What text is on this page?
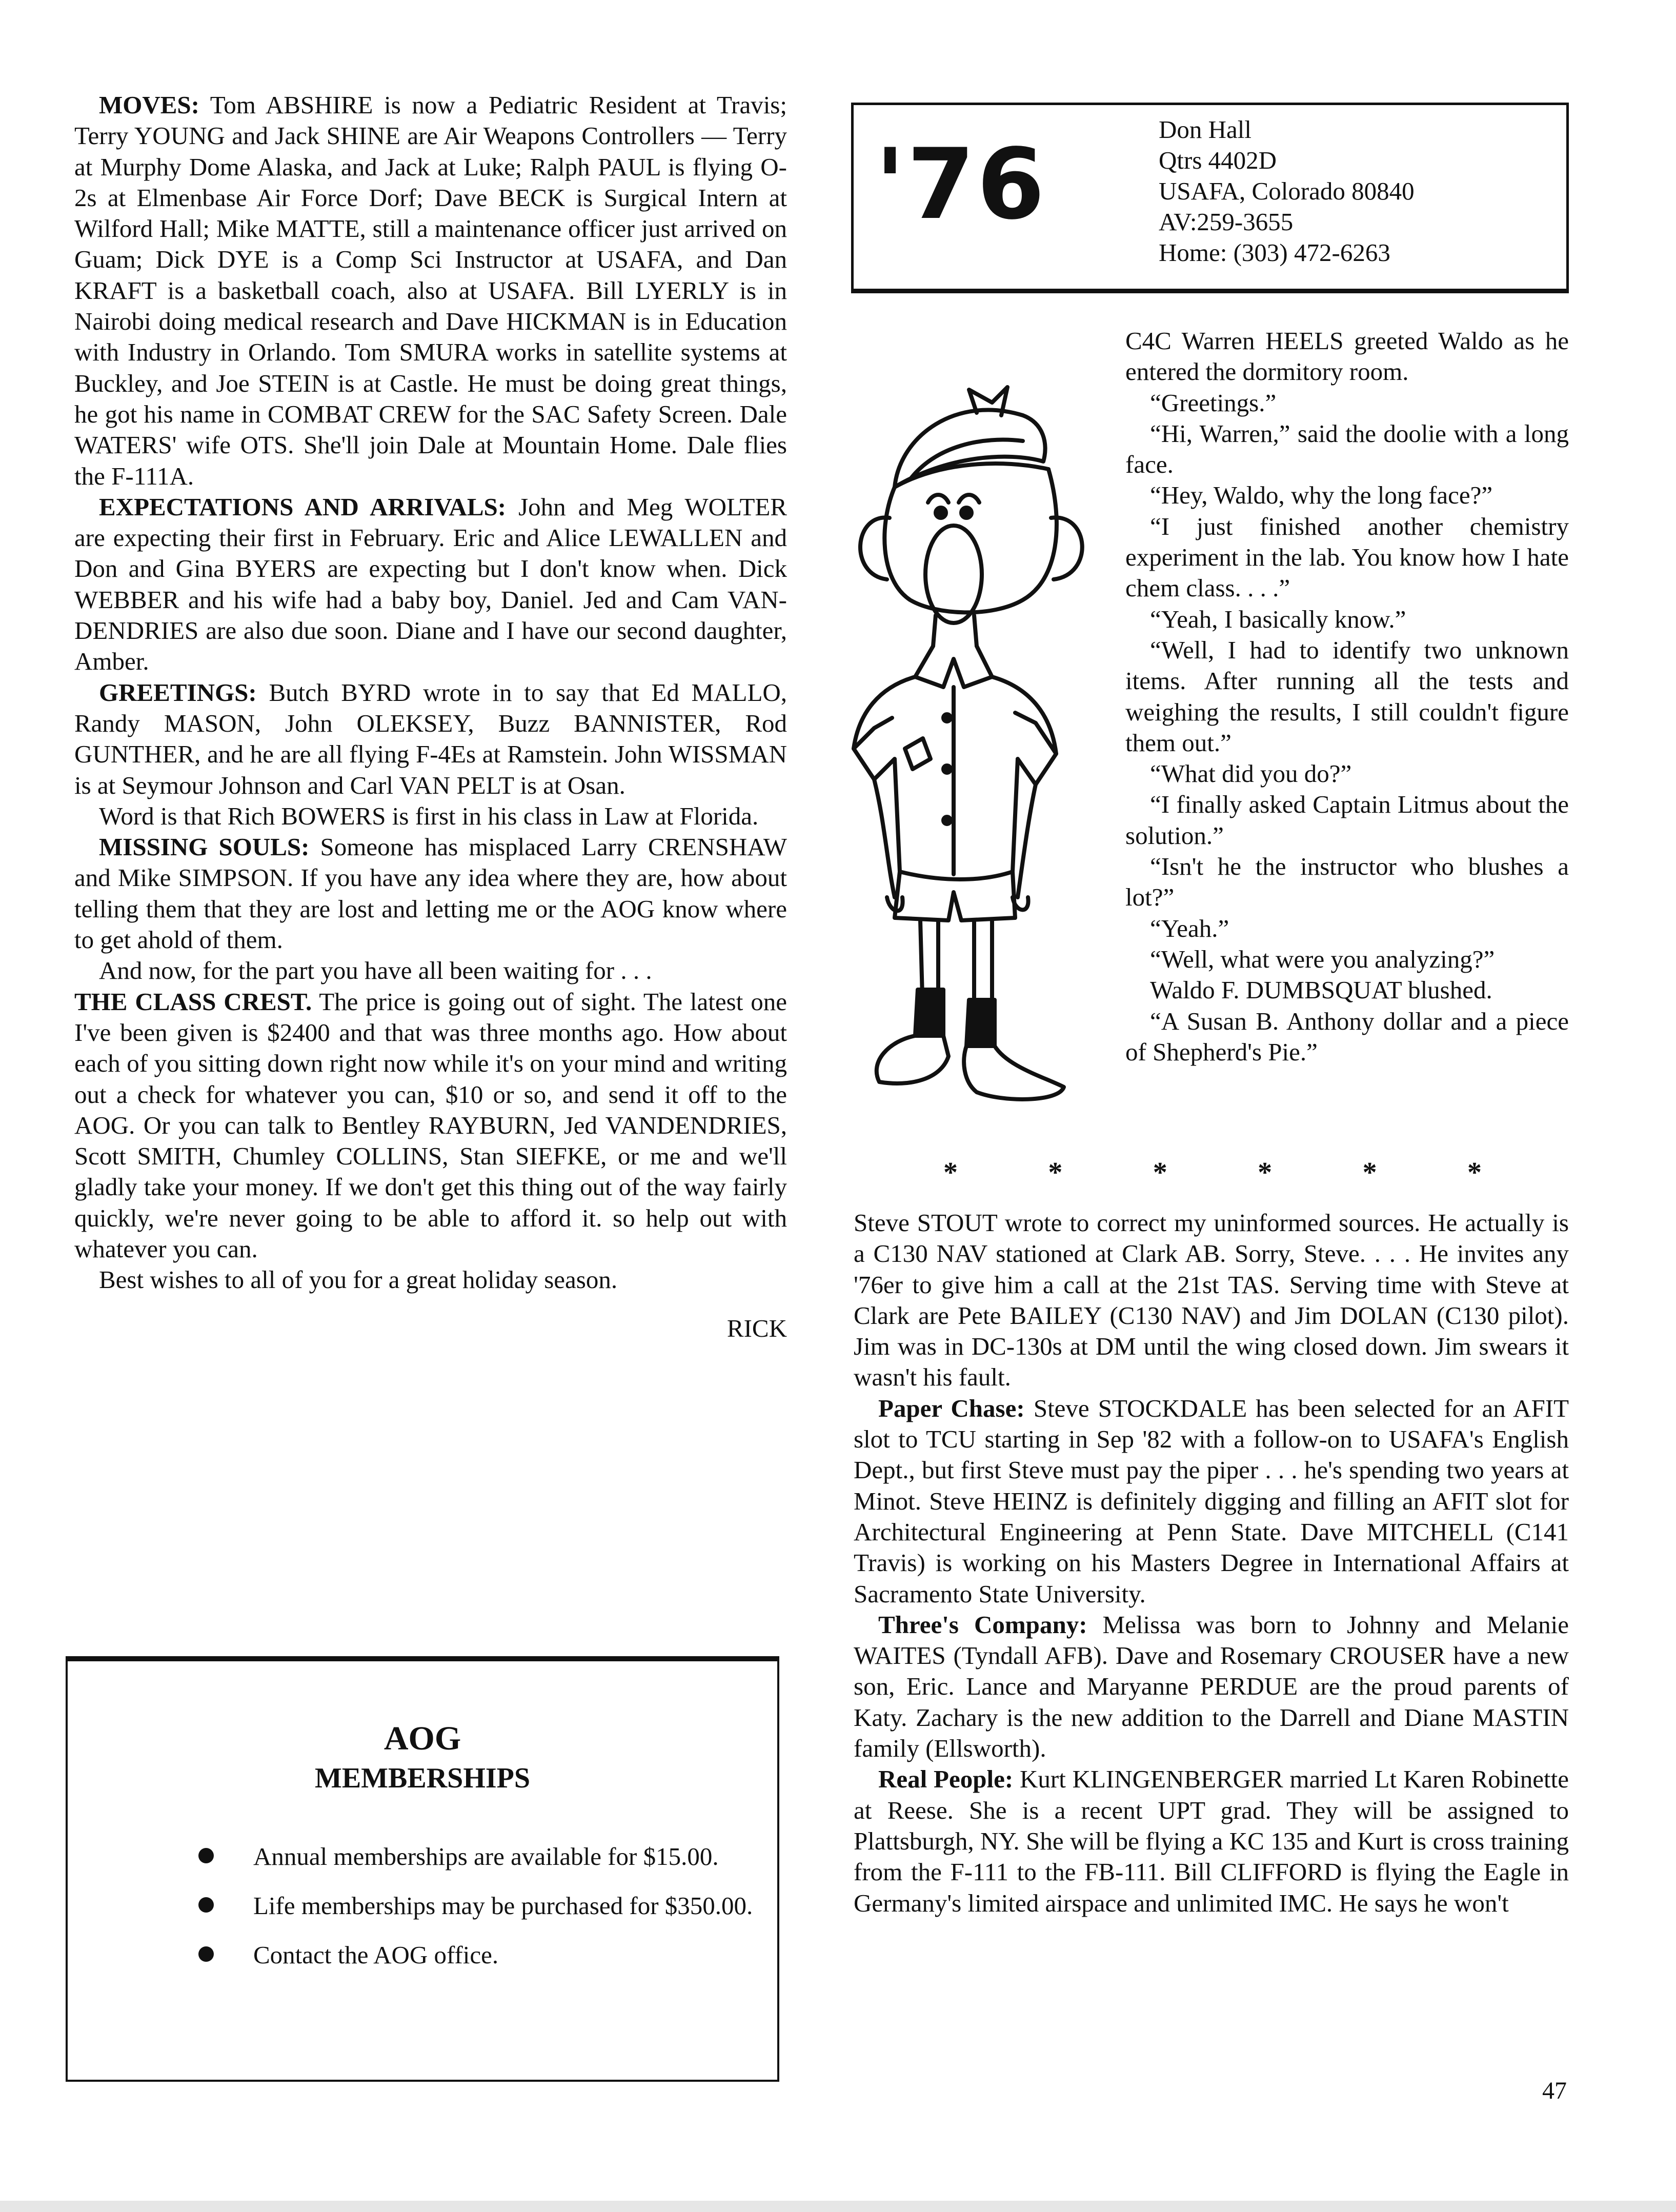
MOVES: Tom ABSHIRE is now a Pediatric Resident at Travis; Terry YOUNG and Jack SHINE are Air Weapons Controllers — Terry at Murphy Dome Alaska, and Jack at Luke; Ralph PAUL is flying O-2s at Elmenbase Air Force Dorf; Dave BECK is Surgical Intern at Wilford Hall; Mike MATTE, still a maintenance officer just arrived on Guam; Dick DYE is a Comp Sci Instructor at USAFA, and Dan KRAFT is a basketball coach, also at USAFA. Bill LYERLY is in Nairobi doing medical research and Dave HICKMAN is in Education with Industry in Orlando. Tom SMURA works in satellite systems at Buckley, and Joe STEIN is at Castle. He must be doing great things, he got his name in COMBAT CREW for the SAC Safety Screen. Dale WATERS' wife OTS. She'll join Dale at Mountain Home. Dale flies the F-111A.

EXPECTATIONS AND ARRIVALS: John and Meg WOLTER are expecting their first in February. Eric and Alice LEWALLEN and Don and Gina BYERS are expecting but I don't know when. Dick WEBBER and his wife had a baby boy, Daniel. Jed and Cam VAN-DENDRIES are also due soon. Diane and I have our second daughter, Amber.

GREETINGS: Butch BYRD wrote in to say that Ed MALLO, Randy MASON, John OLEKSEY, Buzz BANNISTER, Rod GUNTHER, and he are all flying F-4Es at Ramstein. John WISSMAN is at Seymour Johnson and Carl VAN PELT is at Osan.

Word is that Rich BOWERS is first in his class in Law at Florida.

MISSING SOULS: Someone has misplaced Larry CRENSHAW and Mike SIMPSON. If you have any idea where they are, how about telling them that they are lost and letting me or the AOG know where to get ahold of them.

And now, for the part you have all been waiting for . . .

THE CLASS CREST. The price is going out of sight. The latest one I've been given is $2400 and that was three months ago. How about each of you sitting down right now while it's on your mind and writing out a check for whatever you can, $10 or so, and send it off to the AOG. Or you can talk to Bentley RAYBURN, Jed VANDENDRIES, Scott SMITH, Chumley COLLINS, Stan SIEFKE, or me and we'll gladly take your money. If we don't get this thing out of the way fairly quickly, we're never going to be able to afford it. so help out with whatever you can.

Best wishes to all of you for a great holiday season.

RICK

AOG
MEMBERSHIPS
Annual memberships are available for $15.00.
Life memberships may be purchased for $350.00.
Contact the AOG office.
'76	Don Hall
Qtrs 4402D
USAFA, Colorado 80840
AV:259-3655
Home: (303) 472-6263

C4C Warren HEELS greeted Waldo as he entered the dormitory room.

“Greetings.”

“Hi, Warren,” said the doolie with a long face.

“Hey, Waldo, why the long face?”

“I just finished another chemistry experiment in the lab. You know how I hate chem class. . . .”

“Yeah, I basically know.”

“Well, I had to identify two unknown items. After running all the tests and weighing the results, I still couldn't figure them out.”

“What did you do?”

“I finally asked Captain Litmus about the solution.”

“Isn't he the instructor who blushes a lot?”

“Yeah.”

“Well, what were you analyzing?”

Waldo F. DUMBSQUAT blushed.

“A Susan B. Anthony dollar and a piece of Shepherd's Pie.”

*	*	*	*	*	*

Steve STOUT wrote to correct my uninformed sources. He actually is a C130 NAV stationed at Clark AB. Sorry, Steve. . . . He invites any '76er to give him a call at the 21st TAS. Serving time with Steve at Clark are Pete BAILEY (C130 NAV) and Jim DOLAN (C130 pilot). Jim was in DC-130s at DM until the wing closed down. Jim swears it wasn't his fault.

Paper Chase: Steve STOCKDALE has been selected for an AFIT slot to TCU starting in Sep '82 with a follow-on to USAFA's English Dept., but first Steve must pay the piper . . . he's spending two years at Minot. Steve HEINZ is definitely digging and filling an AFIT slot for Architectural Engineering at Penn State. Dave MITCHELL (C141 Travis) is working on his Masters Degree in International Affairs at Sacramento State University.

Three's Company: Melissa was born to Johnny and Melanie WAITES (Tyndall AFB). Dave and Rosemary CROUSER have a new son, Eric. Lance and Maryanne PERDUE are the proud parents of Katy. Zachary is the new addition to the Darrell and Diane MASTIN family (Ellsworth).

Real People: Kurt KLINGENBERGER married Lt Karen Robinette at Reese. She is a recent UPT grad. They will be assigned to Plattsburgh, NY. She will be flying a KC 135 and Kurt is cross training from the F-111 to the FB-111. Bill CLIFFORD is flying the Eagle in Germany's limited airspace and unlimited IMC. He says he won't

47
